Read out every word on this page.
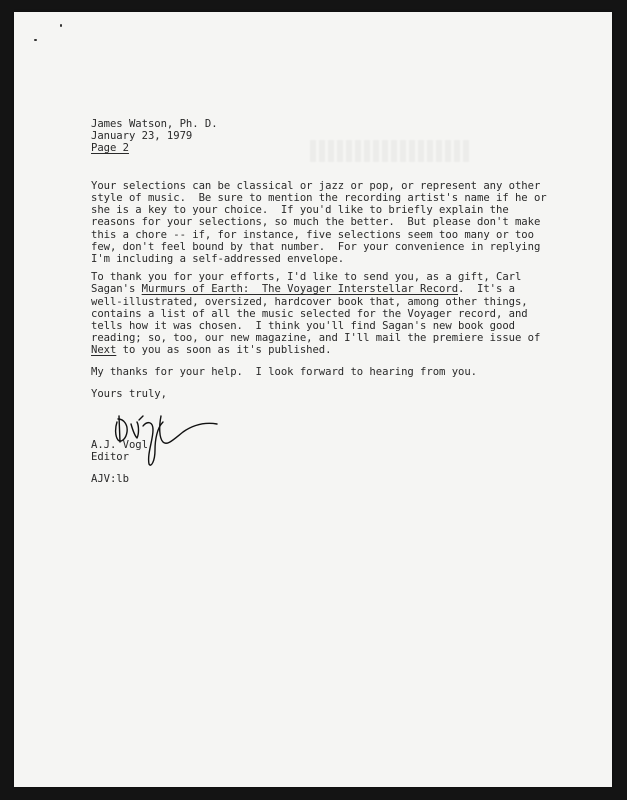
James Watson, Ph. D.

January 23, 1979

Page 2

Your selections can be classical or jazz or pop, or represent any other

style of music.  Be sure to mention the recording artist's name if he or

she is a key to your choice.  If you'd like to briefly explain the

reasons for your selections, so much the better.  But please don't make

this a chore -- if, for instance, five selections seem too many or too

few, don't feel bound by that number.  For your convenience in replying

I'm including a self-addressed envelope.

To thank you for your efforts, I'd like to send you, as a gift, Carl

Sagan's Murmurs of Earth:  The Voyager Interstellar Record.  It's a

well-illustrated, oversized, hardcover book that, among other things,

contains a list of all the music selected for the Voyager record, and

tells how it was chosen.  I think you'll find Sagan's new book good

reading; so, too, our new magazine, and I'll mail the premiere issue of

Next to you as soon as it's published.

My thanks for your help.  I look forward to hearing from you.

Yours truly,

A.J. Vogl

Editor

AJV:lb
